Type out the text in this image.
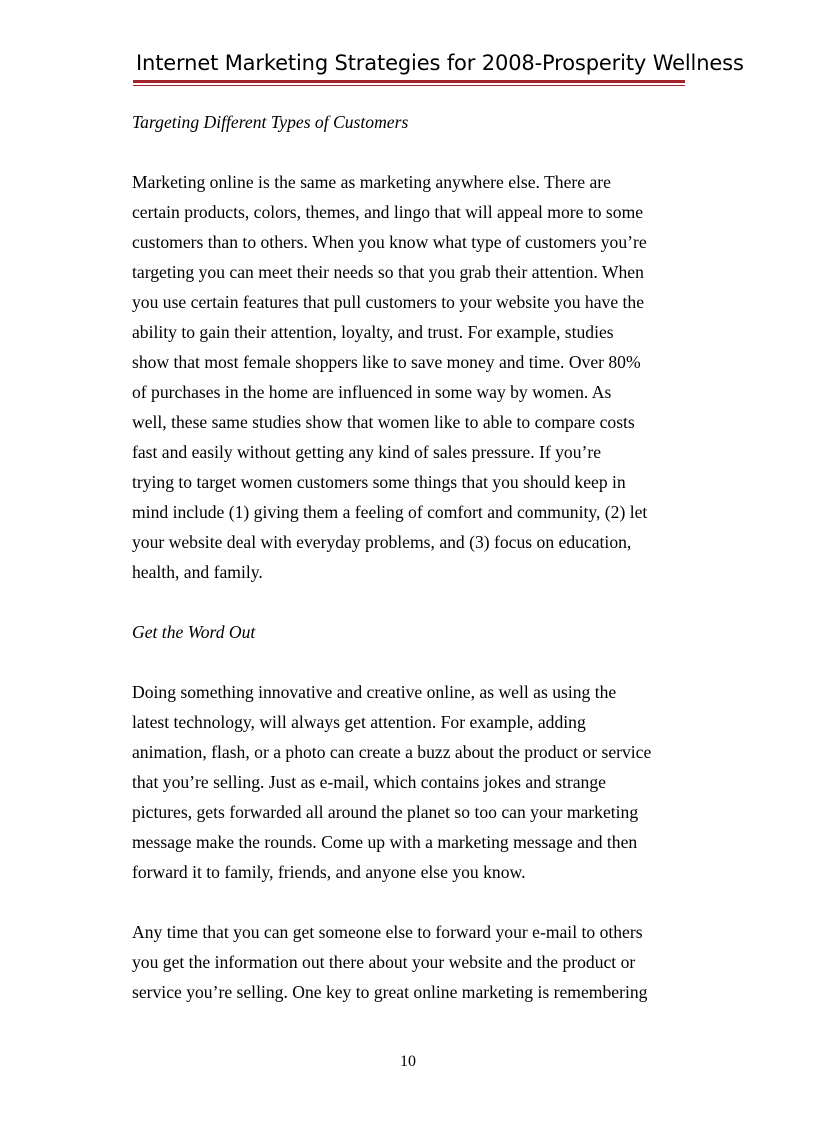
Internet Marketing Strategies for 2008-Prosperity Wellness

Targeting Different Types of Customers

Marketing online is the same as marketing anywhere else. There are
certain products, colors, themes, and lingo that will appeal more to some
customers than to others. When you know what type of customers you’re
targeting you can meet their needs so that you grab their attention. When
you use certain features that pull customers to your website you have the
ability to gain their attention, loyalty, and trust. For example, studies
show that most female shoppers like to save money and time. Over 80%
of purchases in the home are influenced in some way by women. As
well, these same studies show that women like to able to compare costs
fast and easily without getting any kind of sales pressure. If you’re
trying to target women customers some things that you should keep in
mind include (1) giving them a feeling of comfort and community, (2) let
your website deal with everyday problems, and (3) focus on education,
health, and family.

Get the Word Out

Doing something innovative and creative online, as well as using the
latest technology, will always get attention. For example, adding
animation, flash, or a photo can create a buzz about the product or service
that you’re selling. Just as e-mail, which contains jokes and strange
pictures, gets forwarded all around the planet so too can your marketing
message make the rounds. Come up with a marketing message and then
forward it to family, friends, and anyone else you know.

Any time that you can get someone else to forward your e-mail to others
you get the information out there about your website and the product or
service you’re selling. One key to great online marketing is remembering

10
